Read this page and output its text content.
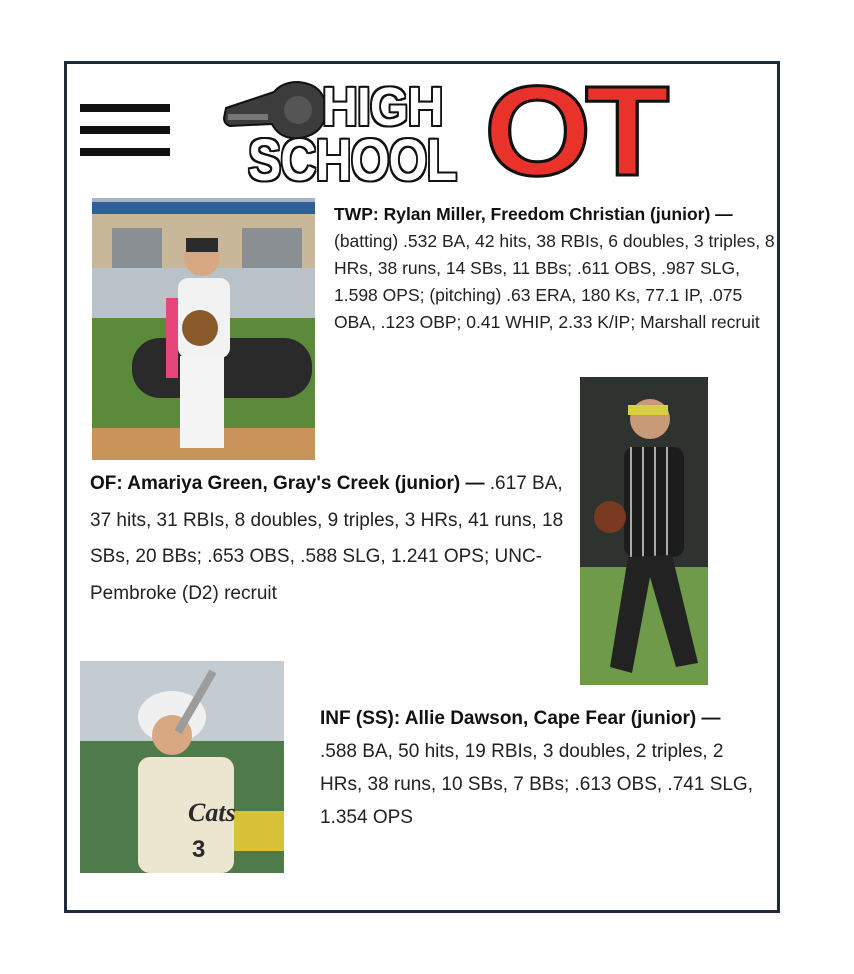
HIGH
SCHOOL OT
TWP: Rylan Miller, Freedom Christian (junior) — (batting) .532 BA, 42 hits, 38 RBIs, 6 doubles, 3 triples, 8 HRs, 38 runs, 14 SBs, 11 BBs; .611 OBS, .987 SLG, 1.598 OPS; (pitching) .63 ERA, 180 Ks, 77.1 IP, .075 OBA, .123 OBP; 0.41 WHIP, 2.33 K/IP; Marshall recruit
OF: Amariya Green, Gray's Creek (junior) — .617 BA, 37 hits, 31 RBIs, 8 doubles, 9 triples, 3 HRs, 41 runs, 18 SBs, 20 BBs; .653 OBS, .588 SLG, 1.241 OPS; UNC-Pembroke (D2) recruit
Cats
3
INF (SS): Allie Dawson, Cape Fear (junior) — .588 BA, 50 hits, 19 RBIs, 3 doubles, 2 triples, 2 HRs, 38 runs, 10 SBs, 7 BBs; .613 OBS, .741 SLG, 1.354 OPS
